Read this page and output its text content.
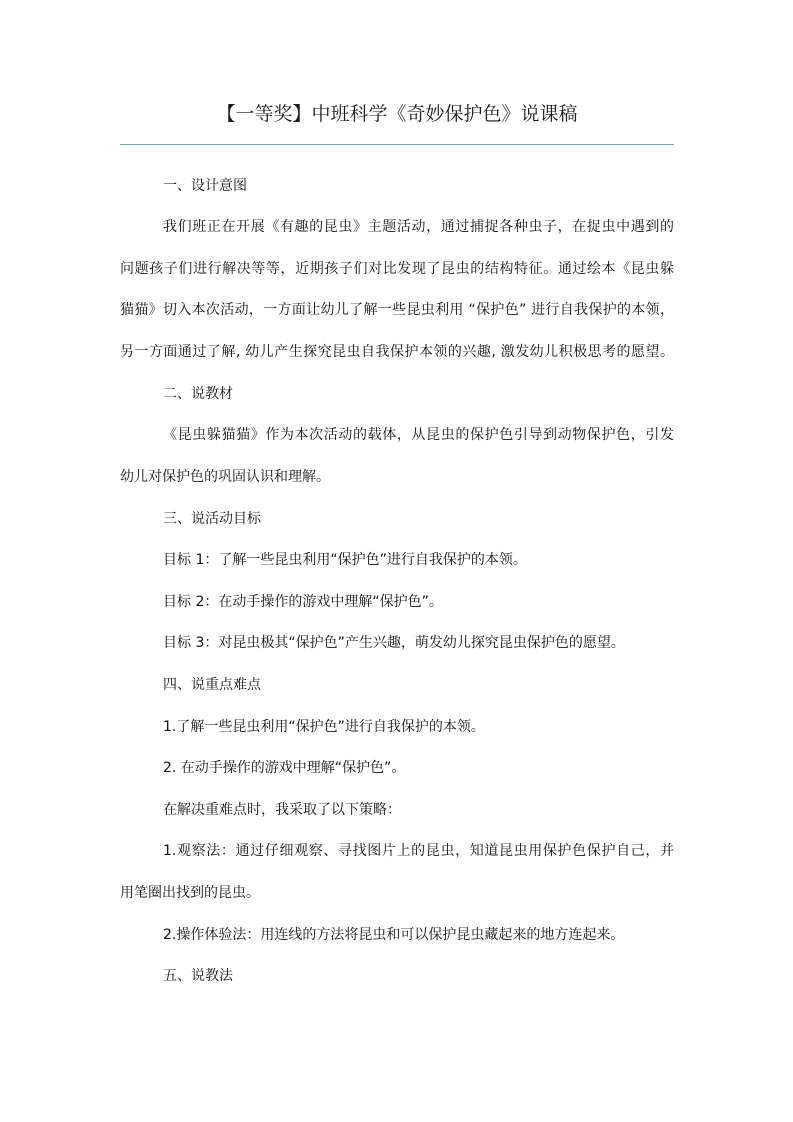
【一等奖】中班科学《奇妙保护色》说课稿

一、设计意图

我们班正在开展《有趣的昆虫》主题活动，通过捕捉各种虫子，在捉虫中遇到的

问题孩子们进行解决等等，近期孩子们对比发现了昆虫的结构特征。通过绘本《昆虫躲

猫猫》切入本次活动，一方面让幼儿了解一些昆虫利用 “保护色” 进行自我保护的本领，

另一方面通过了解, 幼儿产生探究昆虫自我保护本领的兴趣, 激发幼儿积极思考的愿望。

二、说教材

《昆虫躲猫猫》作为本次活动的载体，从昆虫的保护色引导到动物保护色，引发

幼儿对保护色的巩固认识和理解。

三、说活动目标

目标 1：了解一些昆虫利用“保护色”进行自我保护的本领。

目标 2：在动手操作的游戏中理解“保护色”。

目标 3：对昆虫极其“保护色”产生兴趣，萌发幼儿探究昆虫保护色的愿望。

四、说重点难点

1.了解一些昆虫利用“保护色”进行自我保护的本领。

2. 在动手操作的游戏中理解“保护色”。

在解决重难点时，我采取了以下策略：

1.观察法：通过仔细观察、寻找图片上的昆虫，知道昆虫用保护色保护自己，并

用笔圈出找到的昆虫。

2.操作体验法：用连线的方法将昆虫和可以保护昆虫藏起来的地方连起来。

五、说教法
